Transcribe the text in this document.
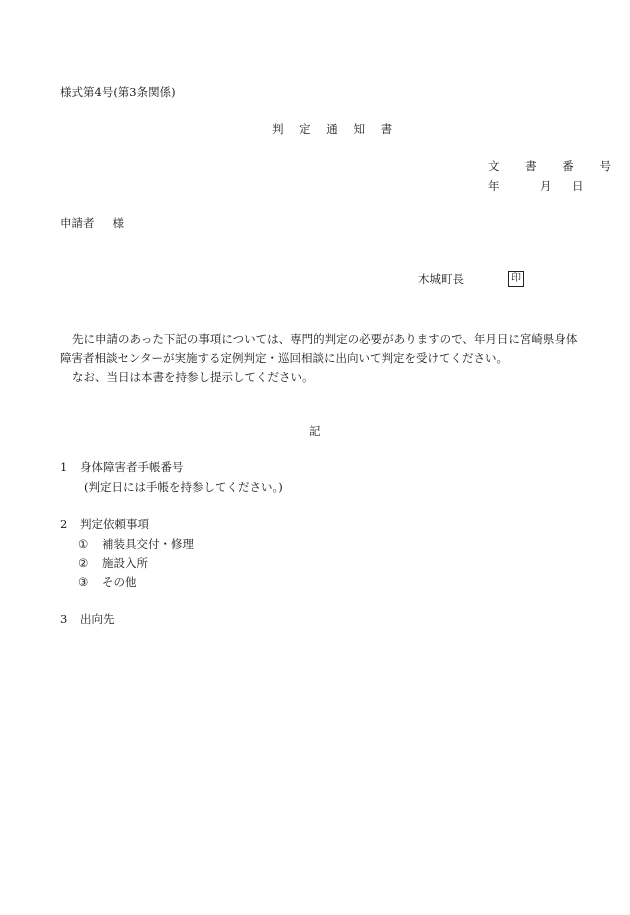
様式第4号(第3条関係)
判 定 通 知 書
文 書 番 号
年	月 日
申請者 様
木城町長	印
先に申請のあった下記の事項については、専門的判定の必要がありますので、年月日に宮崎県身体障害者相談センターが実施する定例判定・巡回相談に出向いて判定を受けてください。
なお、当日は本書を持参し提示してください。
記
1 身体障害者手帳番号
(判定日には手帳を持参してください。)
2 判定依頼事項
① 補装具交付・修理
② 施設入所
③ その他
3 出向先
